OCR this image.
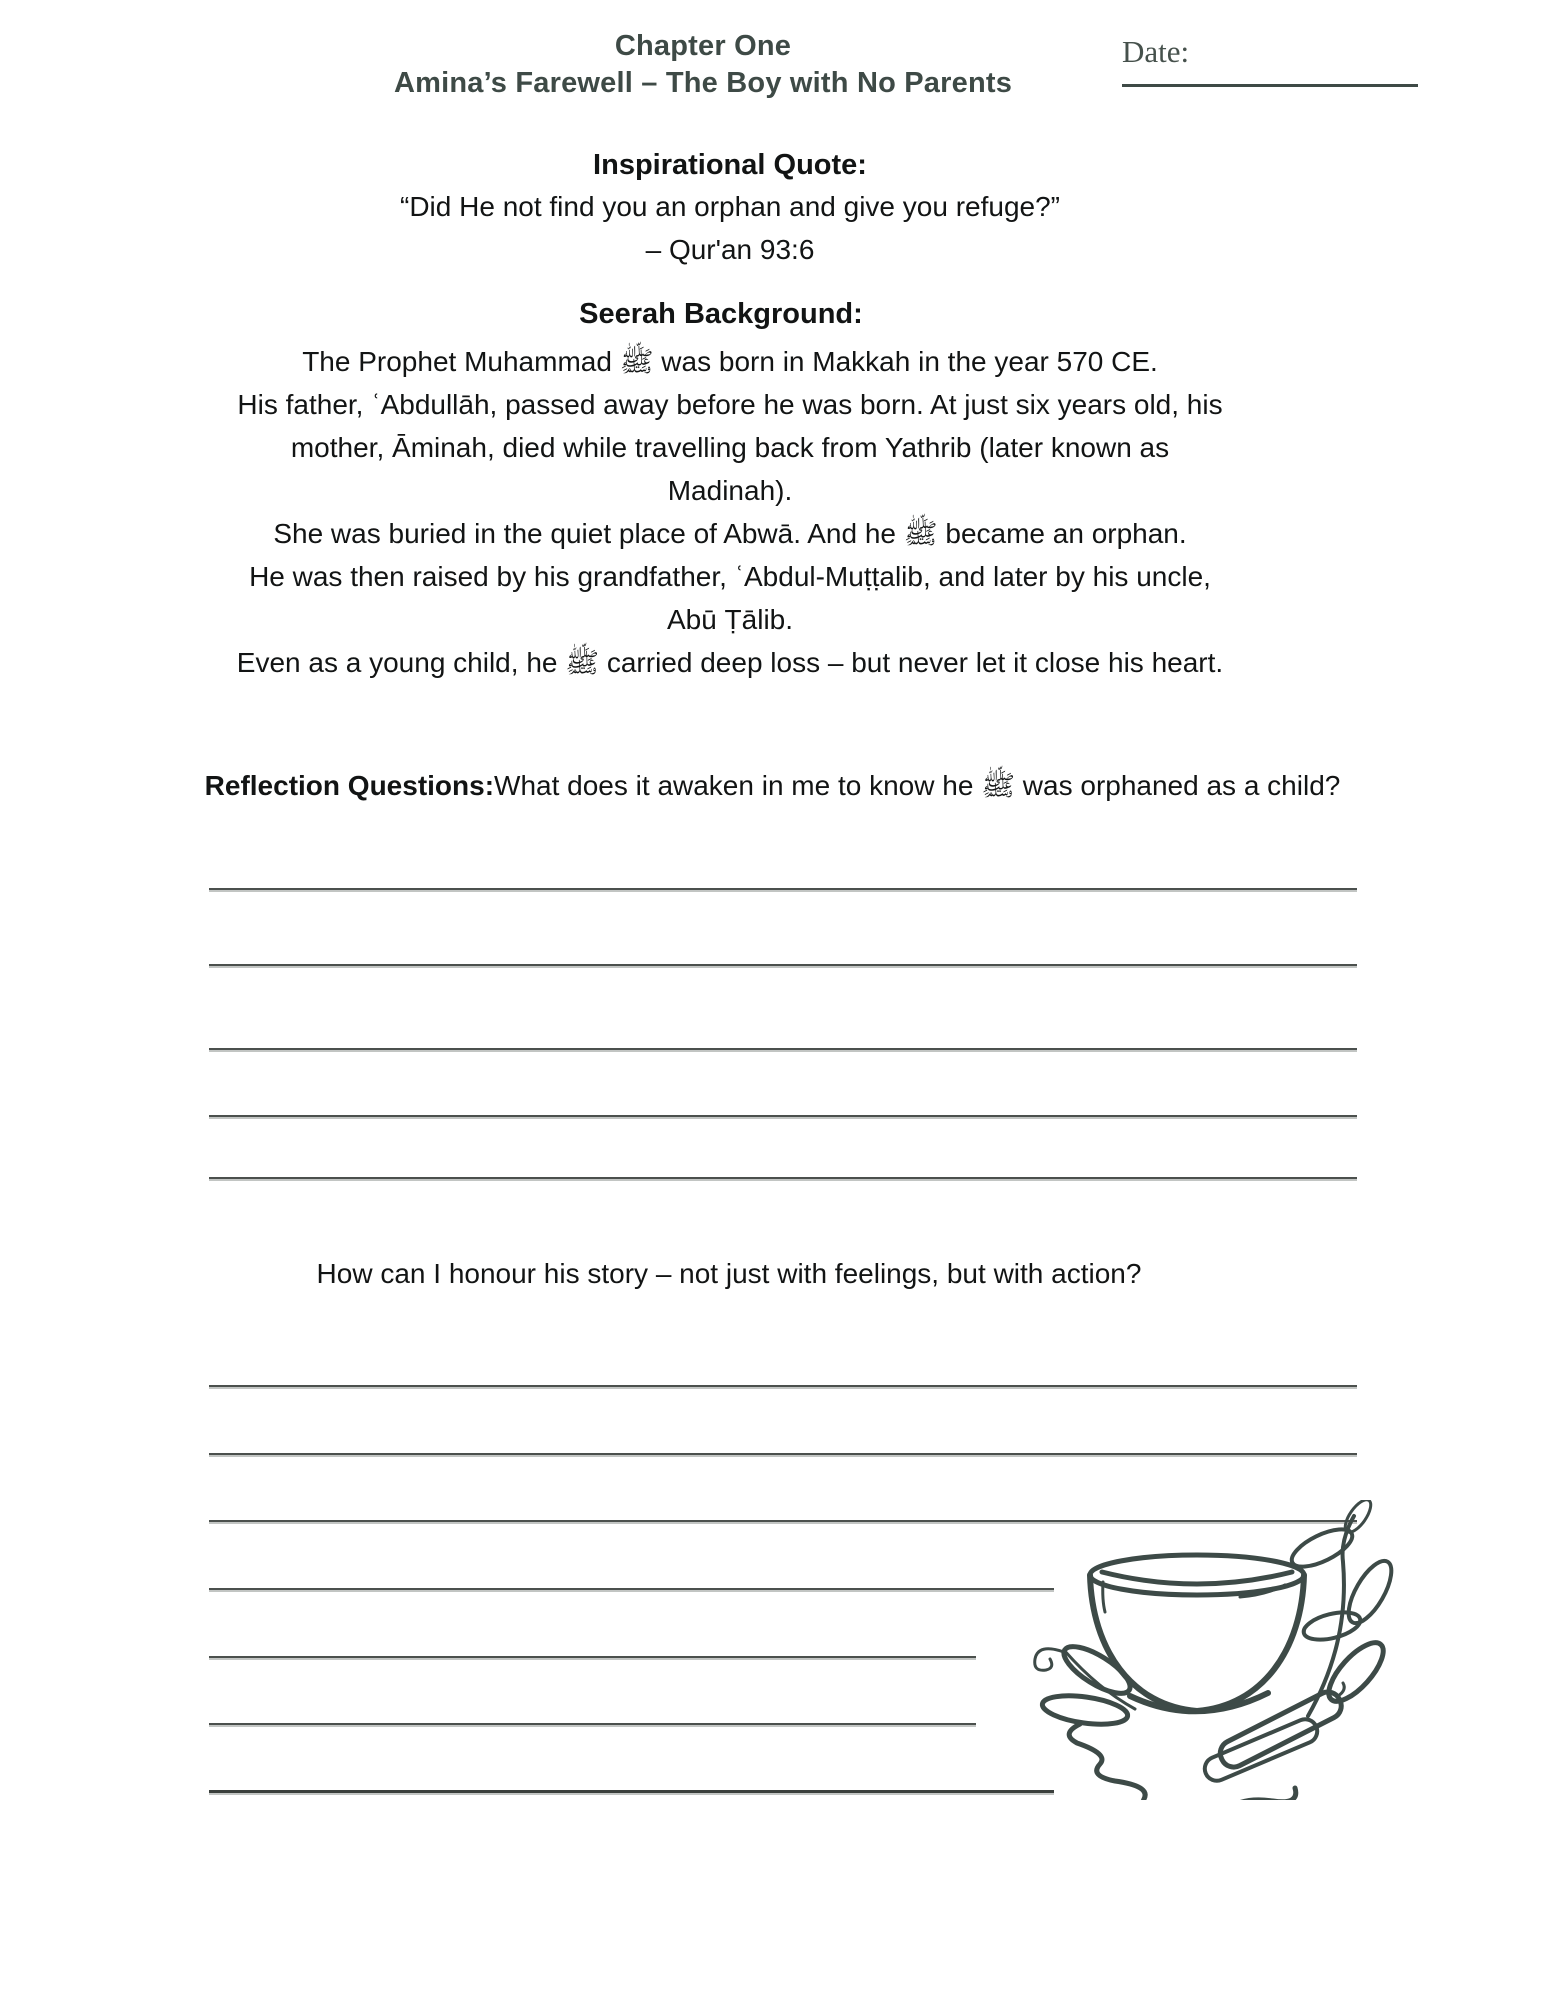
Chapter One
Amina’s Farewell – The Boy with No Parents
Date:
Inspirational Quote:
“Did He not find you an orphan and give you refuge?”
– Qur'an 93:6
Seerah Background:
The Prophet Muhammad ﷺ was born in Makkah in the year 570 CE.
His father, ʿAbdullāh, passed away before he was born. At just six years old, his
mother, Āminah, died while travelling back from Yathrib (later known as
Madinah).
She was buried in the quiet place of Abwā. And he ﷺ became an orphan.
He was then raised by his grandfather, ʿAbdul-Muṭṭalib, and later by his uncle,
Abū Ṭālib.
Even as a young child, he ﷺ carried deep loss – but never let it close his heart.
Reflection Questions:What does it awaken in me to know he ﷺ was orphaned as a child?
How can I honour his story – not just with feelings, but with action?
